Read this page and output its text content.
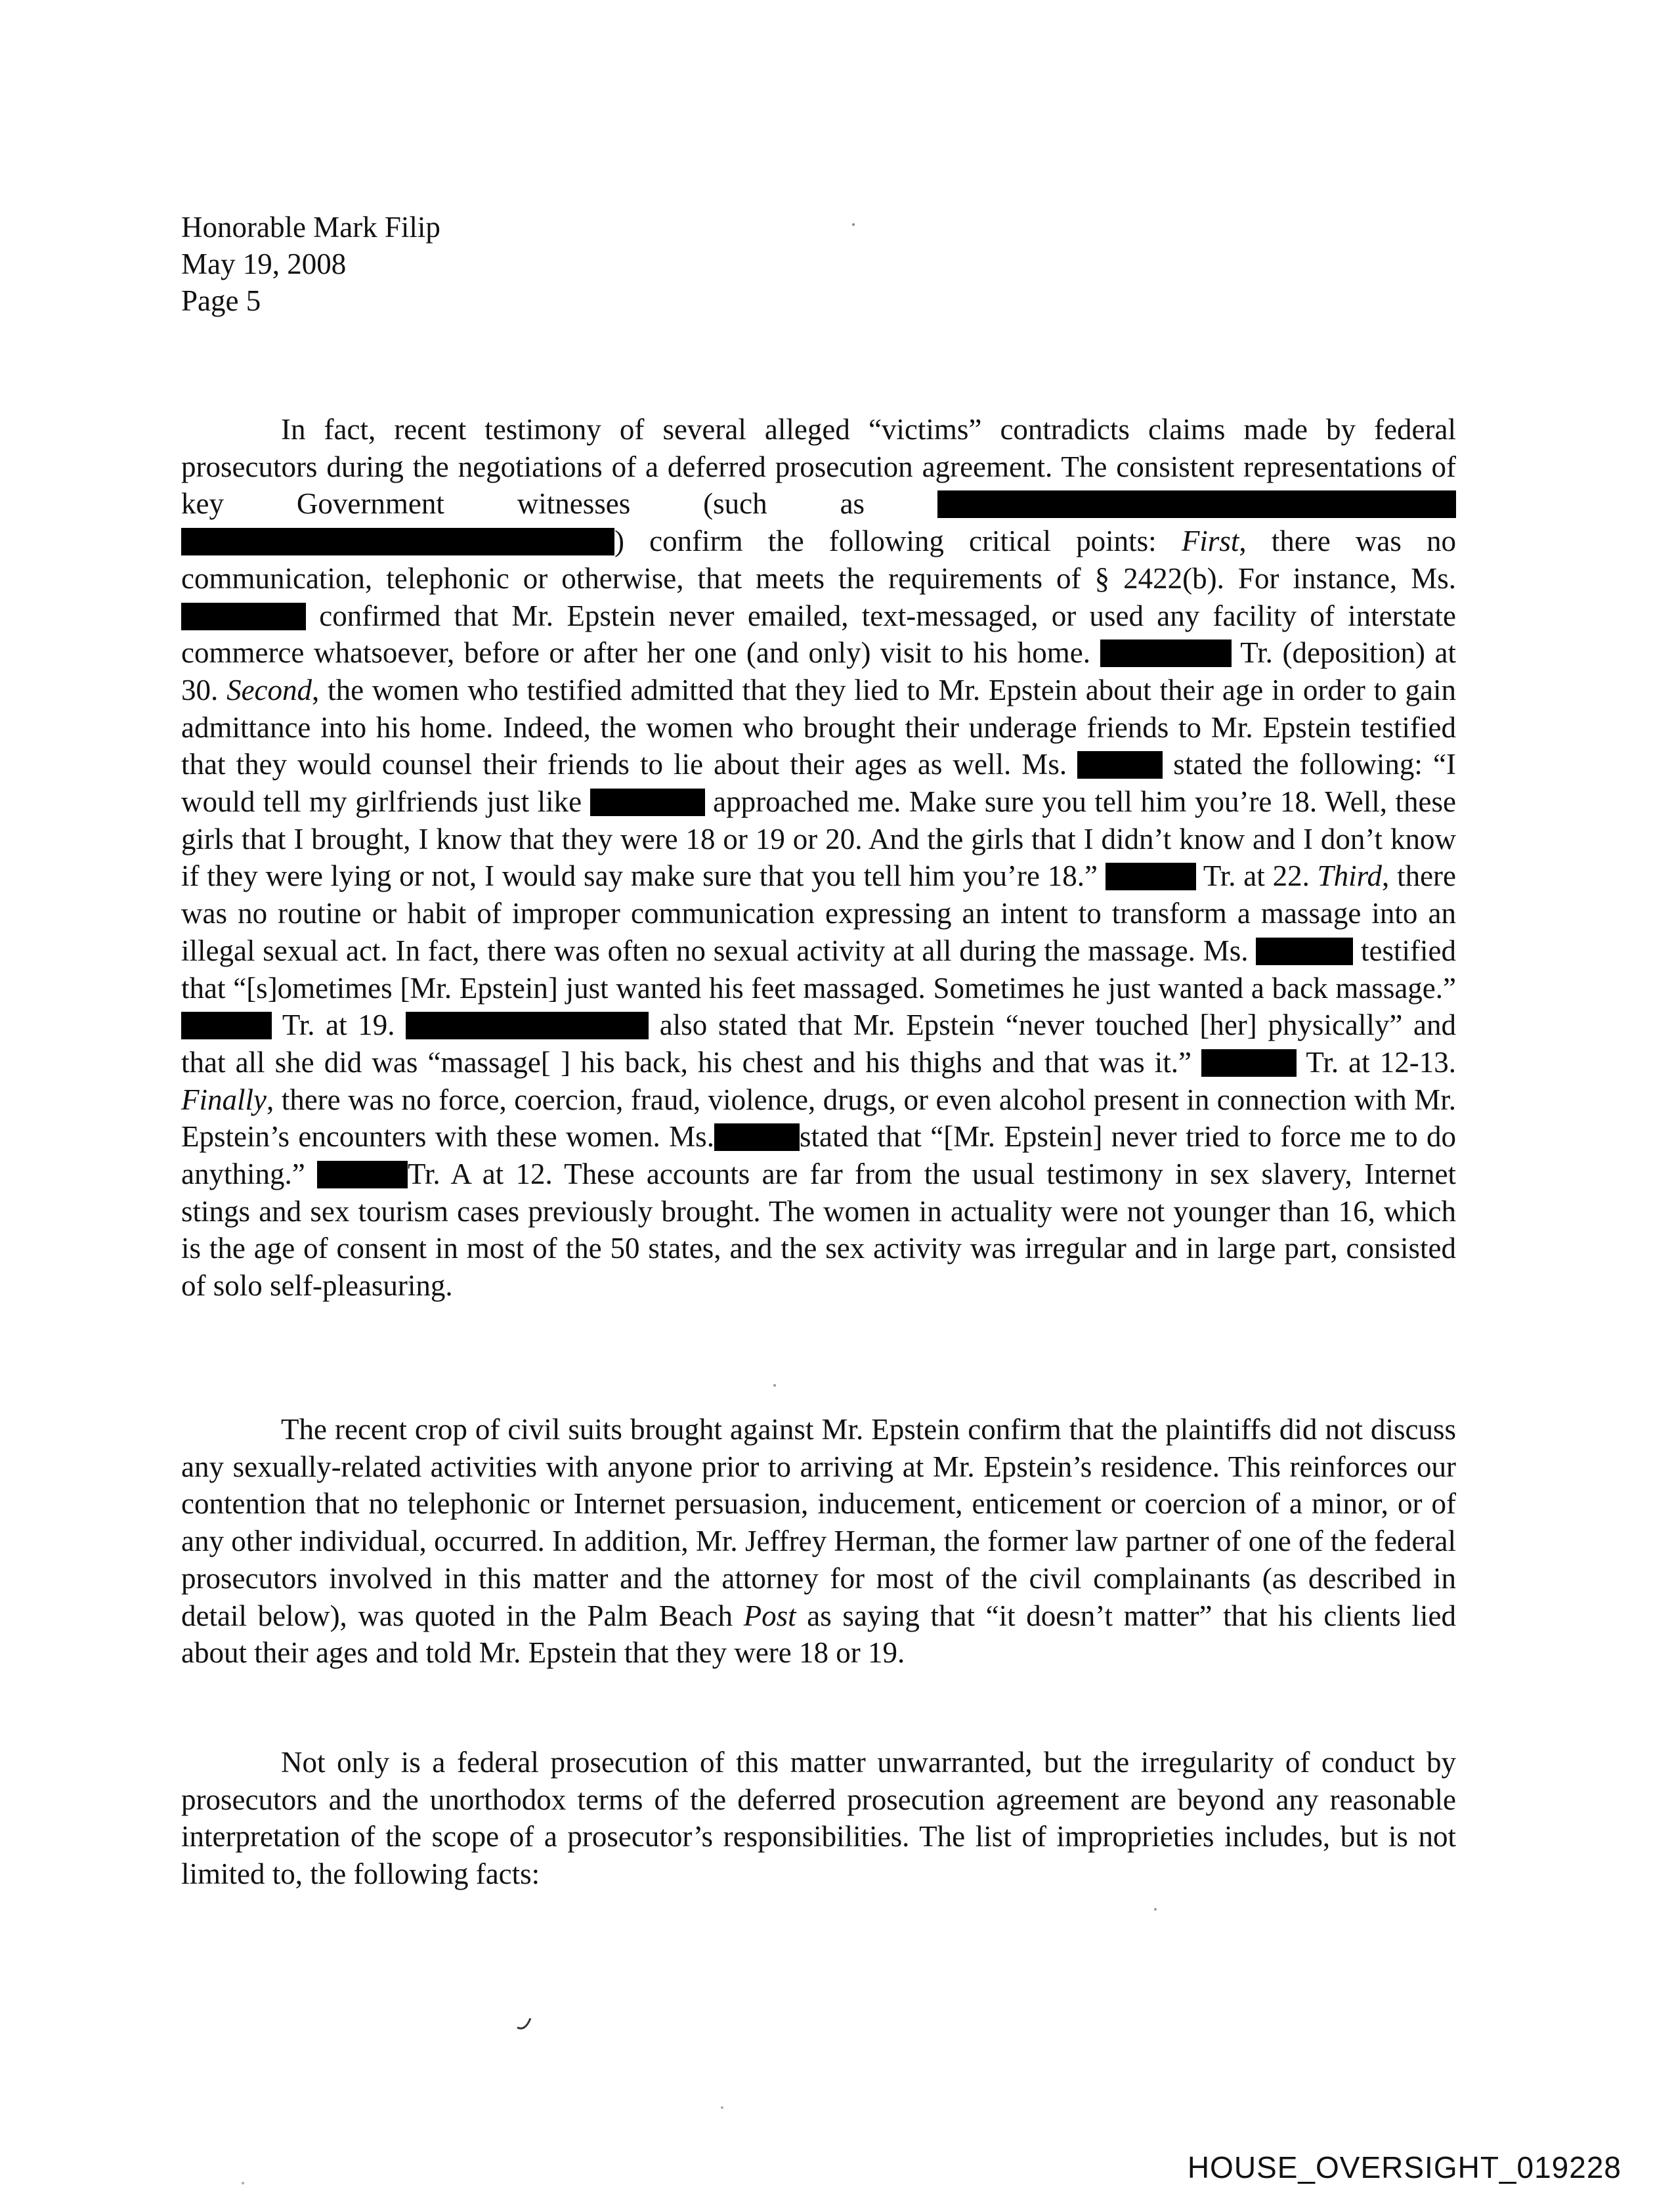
Honorable Mark Filip
May 19, 2008
Page 5

In fact, recent testimony of several alleged “victims” contradicts claims made by federal prosecutors during the negotiations of a deferred prosecution agreement. The consistent representations of key Government witnesses (such as  ) confirm the following critical points: First, there was no communication, telephonic or otherwise, that meets the requirements of § 2422(b). For instance, Ms. confirmed that Mr. Epstein never emailed, text-messaged, or used any facility of interstate commerce whatsoever, before or after her one (and only) visit to his home.	Tr. (deposition) at 30. Second, the women who testified admitted that they lied to Mr. Epstein about their age in order to gain admittance into his home. Indeed, the women who brought their underage friends to Mr. Epstein testified that they would counsel their friends to lie about their ages as well. Ms.	stated the following: “I would tell my girlfriends just like	approached me. Make sure you tell him you’re 18. Well, these girls that I brought, I know that they were 18 or 19 or 20. And the girls that I didn’t know and I don’t know if they were lying or not, I would say make sure that you tell him you’re 18.”	Tr. at 22. Third, there was no routine or habit of improper communication expressing an intent to transform a massage into an illegal sexual act. In fact, there was often no sexual activity at all during the massage. Ms.	testified that “[s]ometimes [Mr. Epstein] just wanted his feet massaged. Sometimes he just wanted a back massage.”  Tr. at 19.	also stated that Mr. Epstein “never touched [her] physically” and that all she did was “massage[ ] his back, his chest and his thighs and that was it.”	Tr. at 12-13. Finally, there was no force, coercion, fraud, violence, drugs, or even alcohol present in connection with Mr. Epstein’s encounters with these women. Ms.	stated that “[Mr. Epstein] never tried to force me to do anything.”	Tr. A at 12. These accounts are far from the usual testimony in sex slavery, Internet stings and sex tourism cases previously brought. The women in actuality were not younger than 16, which is the age of consent in most of the 50 states, and the sex activity was irregular and in large part, consisted of solo self-pleasuring.

The recent crop of civil suits brought against Mr. Epstein confirm that the plaintiffs did not discuss any sexually-related activities with anyone prior to arriving at Mr. Epstein’s residence. This reinforces our contention that no telephonic or Internet persuasion, inducement, enticement or coercion of a minor, or of any other individual, occurred. In addition, Mr. Jeffrey Herman, the former law partner of one of the federal prosecutors involved in this matter and the attorney for most of the civil complainants (as described in detail below), was quoted in the Palm Beach Post as saying that “it doesn’t matter” that his clients lied about their ages and told Mr. Epstein that they were 18 or 19.

Not only is a federal prosecution of this matter unwarranted, but the irregularity of conduct by prosecutors and the unorthodox terms of the deferred prosecution agreement are beyond any reasonable interpretation of the scope of a prosecutor’s responsibilities. The list of improprieties includes, but is not limited to, the following facts:

HOUSE_OVERSIGHT_019228
